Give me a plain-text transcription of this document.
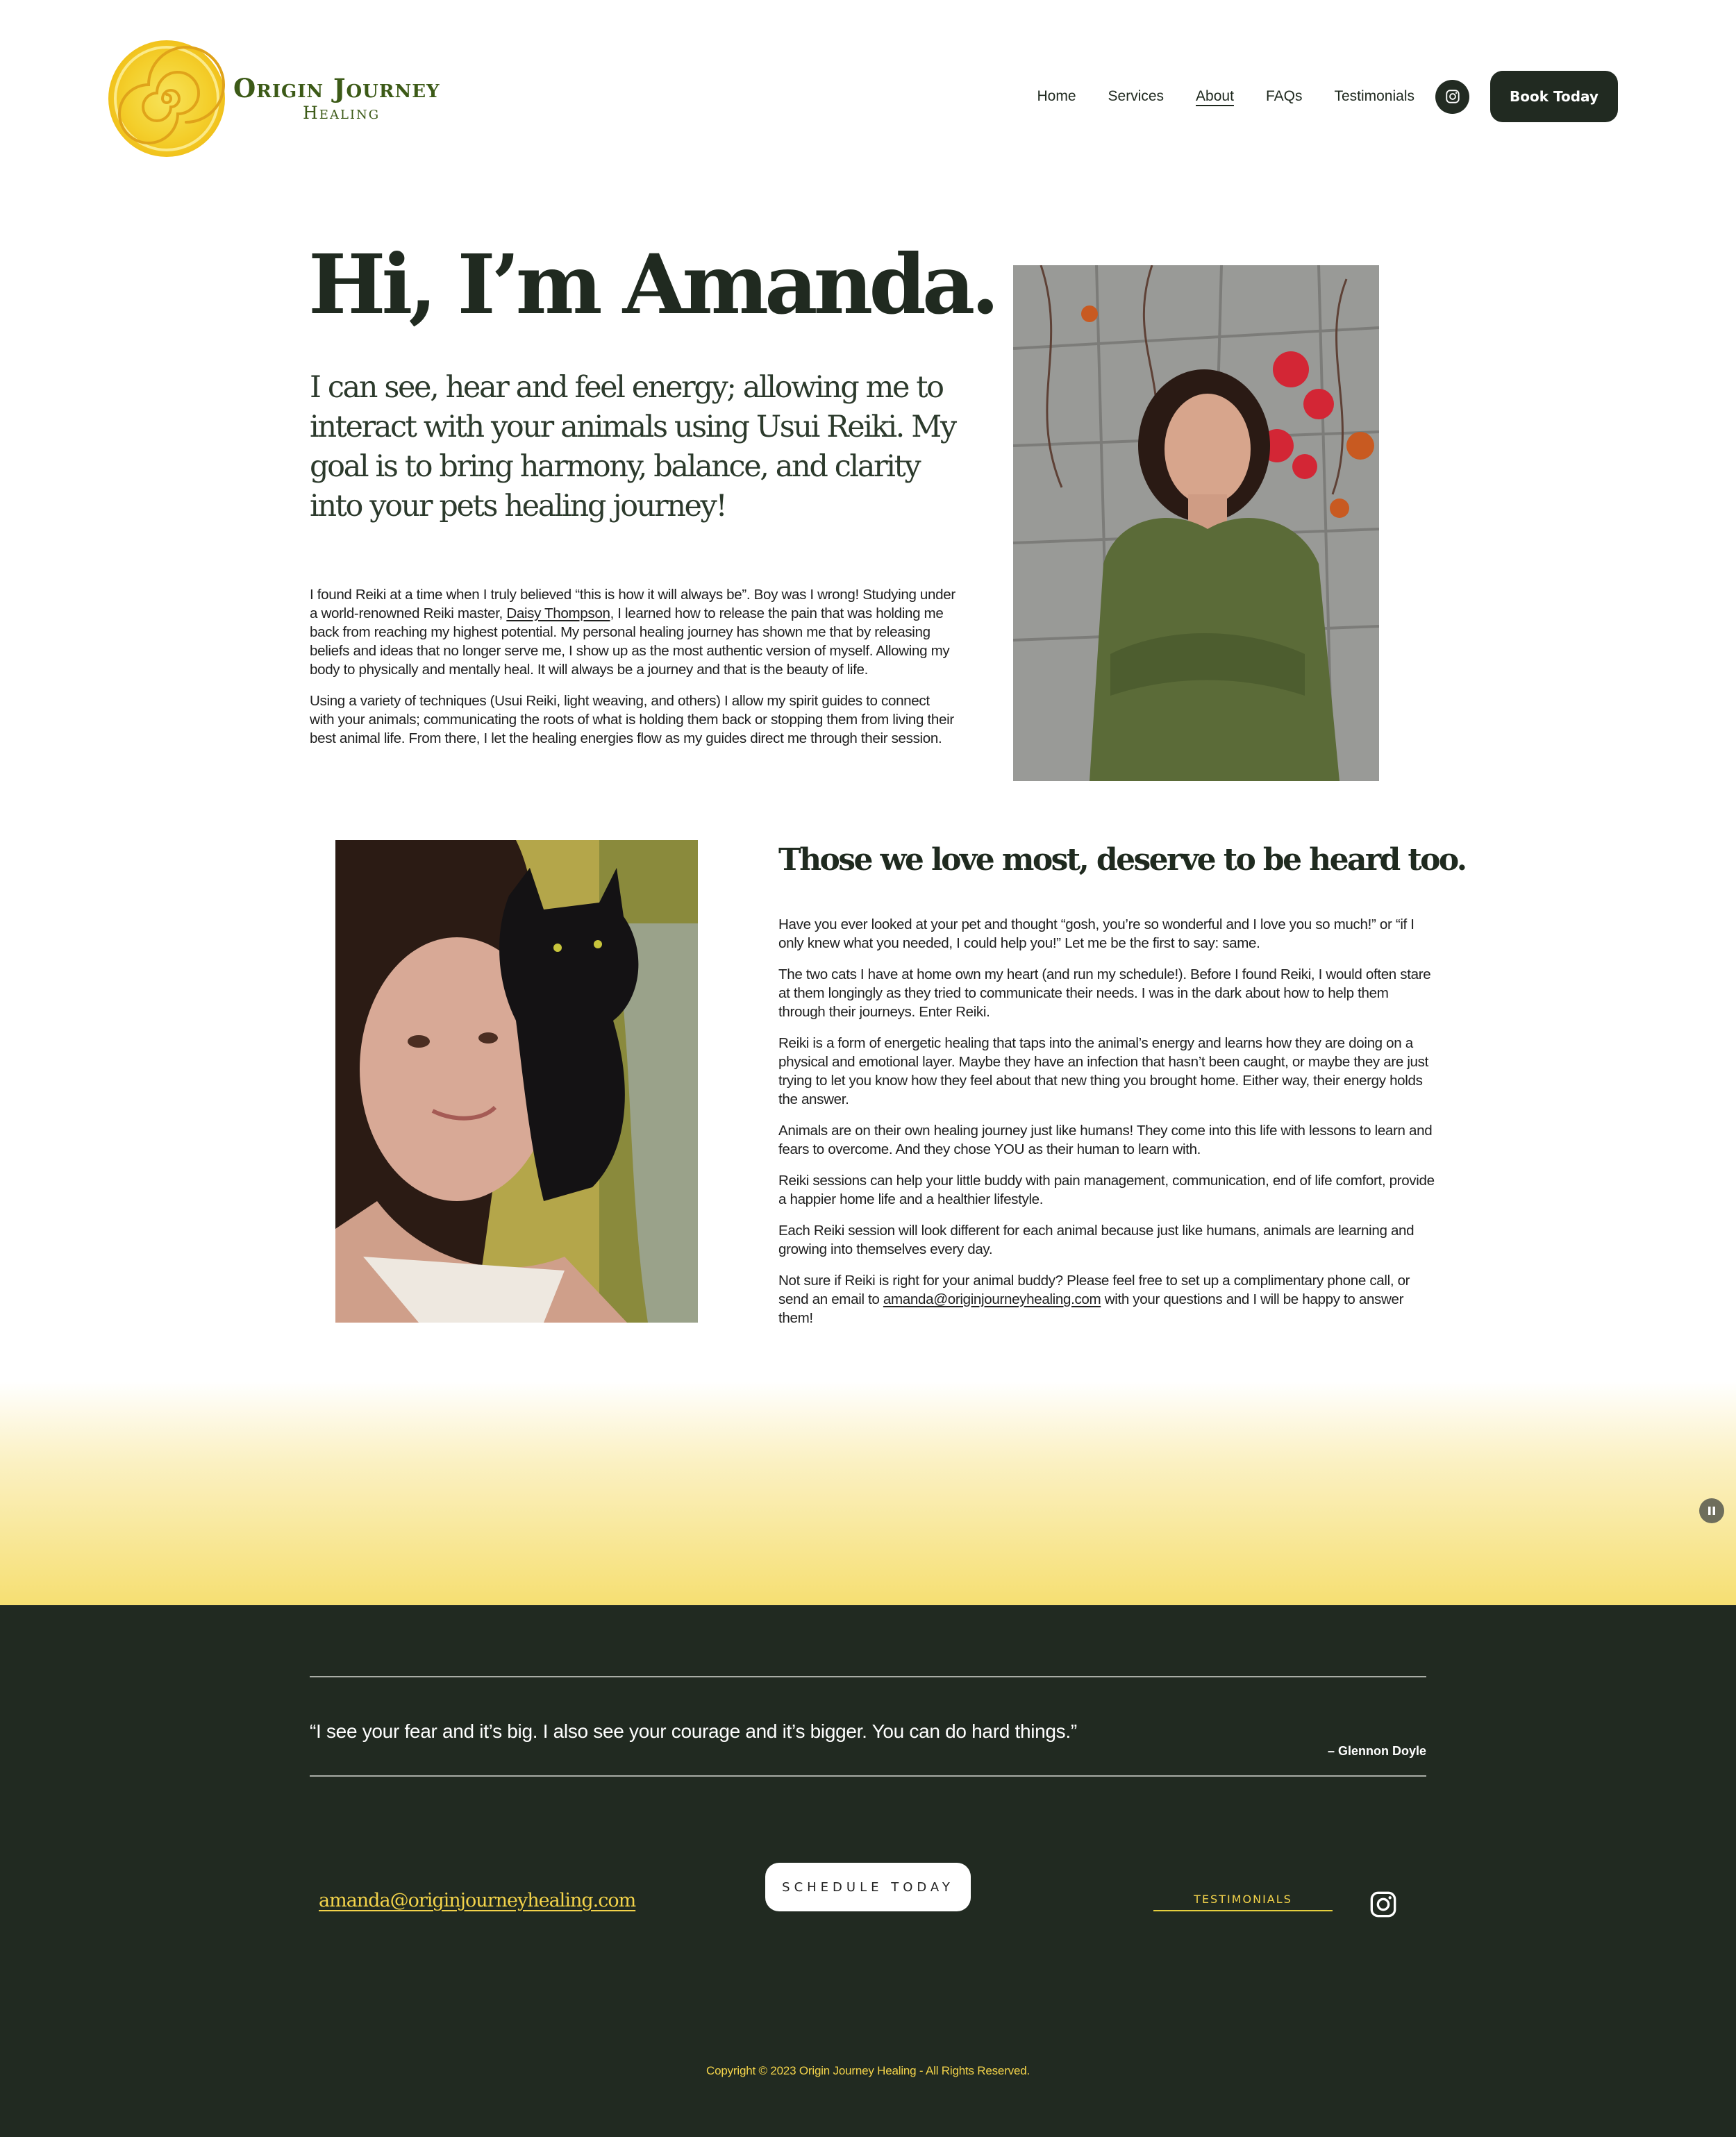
Origin Journey
Healing
Home Services About FAQs Testimonials	Book Today
Hi, I’m Amanda.

I can see, hear and feel energy; allowing me to interact with your animals using Usui Reiki. My goal is to bring harmony, balance, and clarity into your pets healing journey!

I found Reiki at a time when I truly believed “this is how it will always be”. Boy was I wrong! Studying under a world-renowned Reiki master, Daisy Thompson, I learned how to release the pain that was holding me back from reaching my highest potential. My personal healing journey has shown me that by releasing beliefs and ideas that no longer serve me, I show up as the most authentic version of myself. Allowing my body to physically and mentally heal. It will always be a journey and that is the beauty of life.

Using a variety of techniques (Usui Reiki, light weaving, and others) I allow my spirit guides to connect with your animals; communicating the roots of what is holding them back or stopping them from living their best animal life. From there, I let the healing energies flow as my guides direct me through their session.

Those we love most, deserve to be heard too.

Have you ever looked at your pet and thought “gosh, you’re so wonderful and I love you so much!” or “if I only knew what you needed, I could help you!” Let me be the first to say: same.

The two cats I have at home own my heart (and run my schedule!). Before I found Reiki, I would often stare at them longingly as they tried to communicate their needs. I was in the dark about how to help them through their journeys. Enter Reiki.

Reiki is a form of energetic healing that taps into the animal’s energy and learns how they are doing on a physical and emotional layer. Maybe they have an infection that hasn’t been caught, or maybe they are just trying to let you know how they feel about that new thing you brought home. Either way, their energy holds the answer.

Animals are on their own healing journey just like humans! They come into this life with lessons to learn and fears to overcome. And they chose YOU as their human to learn with.

Reiki sessions can help your little buddy with pain management, communication, end of life comfort, provide a happier home life and a healthier lifestyle.

Each Reiki session will look different for each animal because just like humans, animals are learning and growing into themselves every day.

Not sure if Reiki is right for your animal buddy? Please feel free to set up a complimentary phone call, or send an email to amanda@originjourneyhealing.com with your questions and I will be happy to answer them!

“I see your fear and it’s big. I also see your courage and it’s bigger. You can do hard things.”

– Glennon Doyle

amanda@originjourneyhealing.com
SCHEDULE TODAY
TESTIMONIALS

Copyright © 2023 Origin Journey Healing - All Rights Reserved.
